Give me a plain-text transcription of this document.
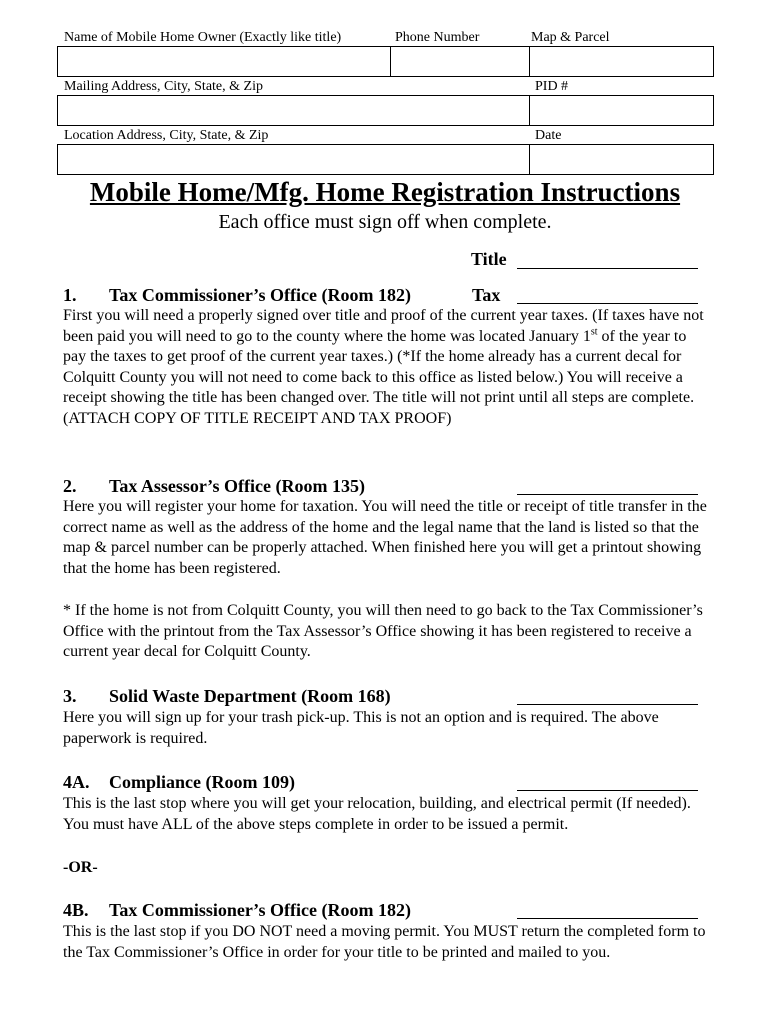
Name of Mobile Home Owner (Exactly like title)	Phone Number	Map & Parcel
Mailing Address, City, State, & Zip	PID #
Location Address, City, State, & Zip	Date
Mobile Home/Mfg. Home Registration Instructions
Each office must sign off when complete.
Title
1. Tax Commissioner’s Office (Room 182)	Tax
First you will need a properly signed over title and proof of the current year taxes. (If taxes have not been paid you will need to go to the county where the home was located January 1st of the year to pay the taxes to get proof of the current year taxes.) (*If the home already has a current decal for Colquitt County you will not need to come back to this office as listed below.) You will receive a receipt showing the title has been changed over. The title will not print until all steps are complete. (ATTACH COPY OF TITLE RECEIPT AND TAX PROOF)
2. Tax Assessor’s Office (Room 135)
Here you will register your home for taxation. You will need the title or receipt of title transfer in the correct name as well as the address of the home and the legal name that the land is listed so that the map & parcel number can be properly attached. When finished here you will get a printout showing that the home has been registered.
* If the home is not from Colquitt County, you will then need to go back to the Tax Commissioner’s Office with the printout from the Tax Assessor’s Office showing it has been registered to receive a current year decal for Colquitt County.
3. Solid Waste Department (Room 168)
Here you will sign up for your trash pick-up. This is not an option and is required. The above paperwork is required.
4A. Compliance (Room 109)
This is the last stop where you will get your relocation, building, and electrical permit (If needed). You must have ALL of the above steps complete in order to be issued a permit.
-OR-
4B. Tax Commissioner’s Office (Room 182)
This is the last stop if you DO NOT need a moving permit. You MUST return the completed form to the Tax Commissioner’s Office in order for your title to be printed and mailed to you.
